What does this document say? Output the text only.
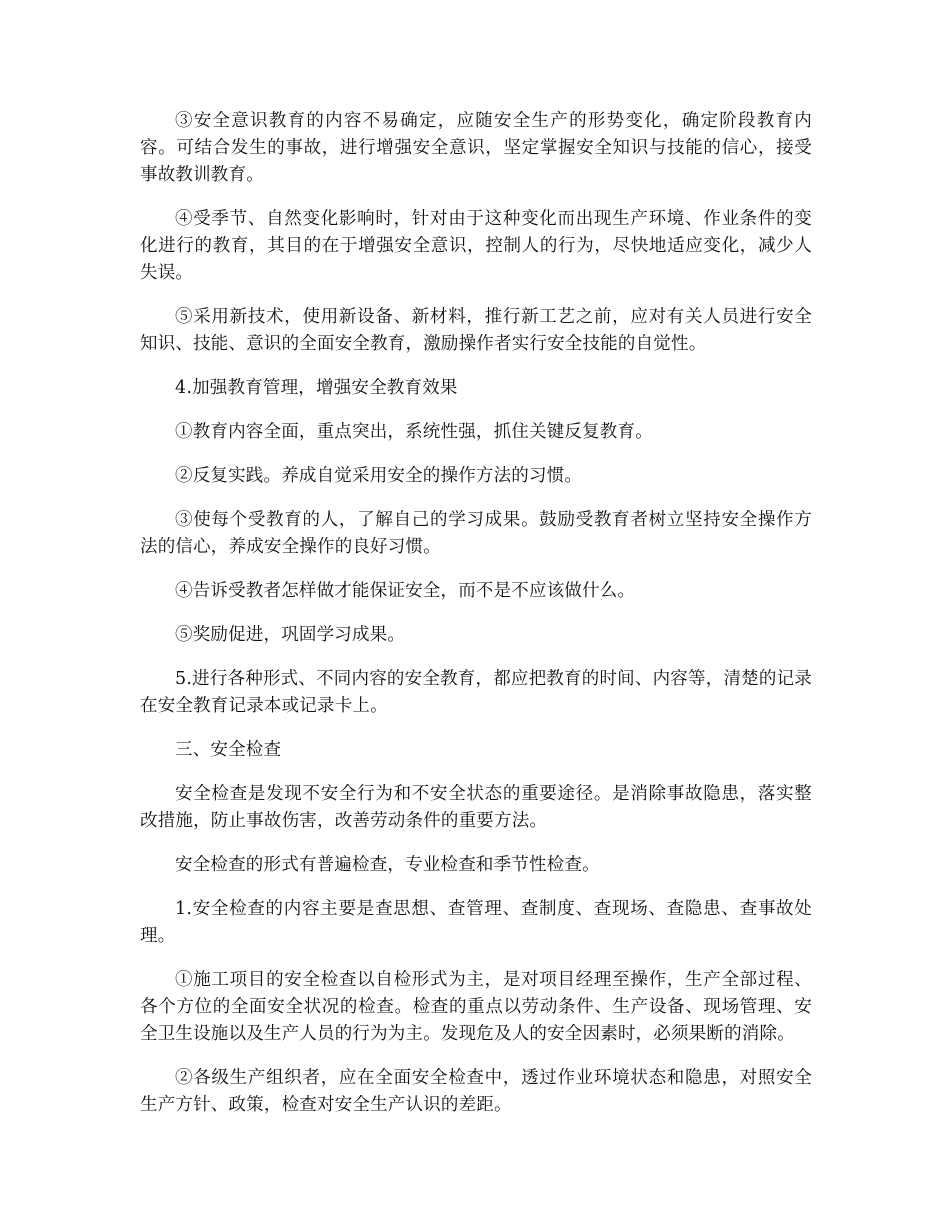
③安全意识教育的内容不易确定，应随安全生产的形势变化，确定阶段教育内容。可结合发生的事故，进行增强安全意识，坚定掌握安全知识与技能的信心，接受事故教训教育。

④受季节、自然变化影响时，针对由于这种变化而出现生产环境、作业条件的变化进行的教育，其目的在于增强安全意识，控制人的行为，尽快地适应变化，减少人失误。

⑤采用新技术，使用新设备、新材料，推行新工艺之前，应对有关人员进行安全知识、技能、意识的全面安全教育，激励操作者实行安全技能的自觉性。

4.加强教育管理，增强安全教育效果

①教育内容全面，重点突出，系统性强，抓住关键反复教育。

②反复实践。养成自觉采用安全的操作方法的习惯。

③使每个受教育的人，了解自己的学习成果。鼓励受教育者树立坚持安全操作方法的信心，养成安全操作的良好习惯。

④告诉受教者怎样做才能保证安全，而不是不应该做什么。

⑤奖励促进，巩固学习成果。

5.进行各种形式、不同内容的安全教育，都应把教育的时间、内容等，清楚的记录在安全教育记录本或记录卡上。

三、安全检查

安全检查是发现不安全行为和不安全状态的重要途径。是消除事故隐患，落实整改措施，防止事故伤害，改善劳动条件的重要方法。

安全检查的形式有普遍检查，专业检查和季节性检查。

1.安全检查的内容主要是查思想、查管理、查制度、查现场、查隐患、查事故处理。

①施工项目的安全检查以自检形式为主，是对项目经理至操作，生产全部过程、各个方位的全面安全状况的检查。检查的重点以劳动条件、生产设备、现场管理、安全卫生设施以及生产人员的行为为主。发现危及人的安全因素时，必须果断的消除。

②各级生产组织者，应在全面安全检查中，透过作业环境状态和隐患，对照安全生产方针、政策，检查对安全生产认识的差距。
